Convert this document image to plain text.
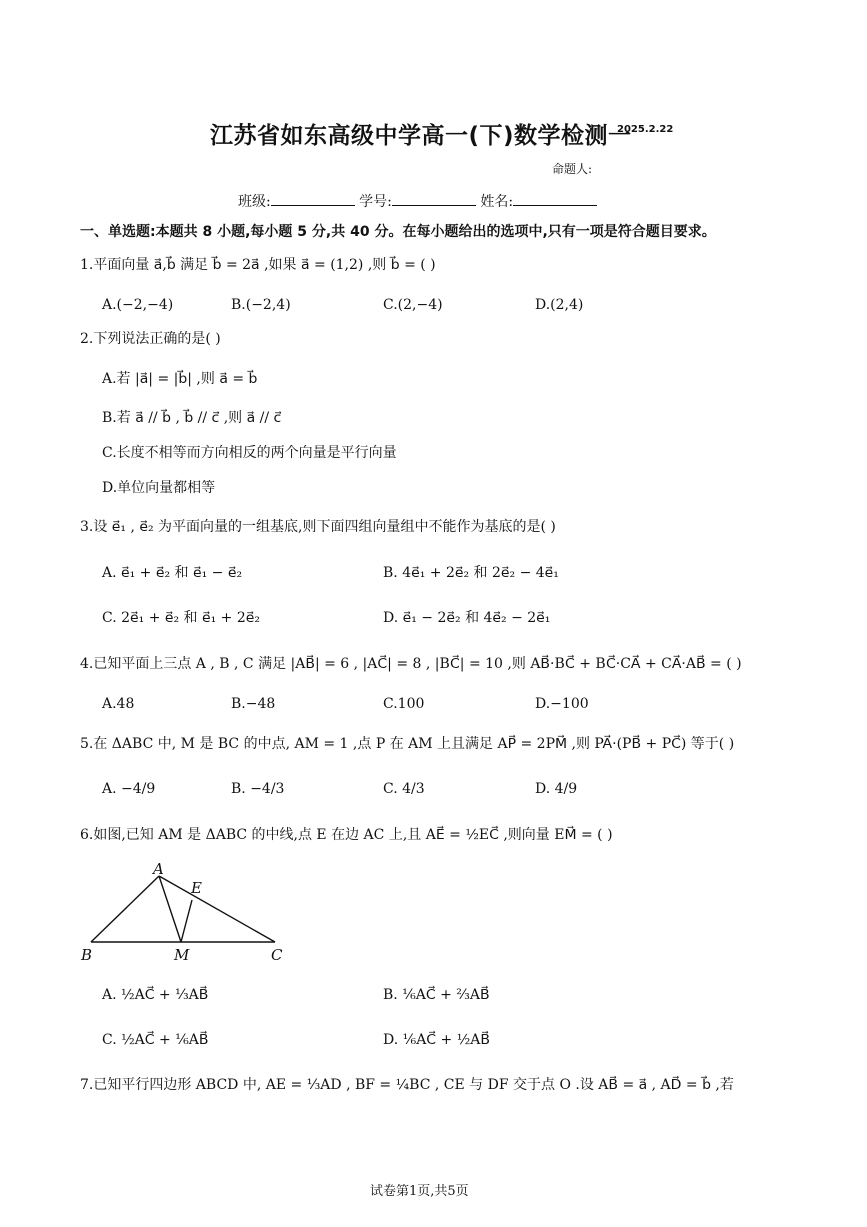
江苏省如东高级中学高一(下)数学检测一
2025.2.22
命题人:
班级:	学号:	姓名:
一、单选题:本题共 8 小题,每小题 5 分,共 40 分。在每小题给出的选项中,只有一项是符合题目要求。
1.平面向量 a⃗,b⃗ 满足 b⃗ = 2a⃗ ,如果 a⃗ = (1,2) ,则 b⃗ = ( )
A.(−2,−4)	B.(−2,4)	C.(2,−4)	D.(2,4)
2.下列说法正确的是( )
A.若 |a⃗| = |b⃗| ,则 a⃗ = b⃗
B.若 a⃗ // b⃗ , b⃗ // c⃗ ,则 a⃗ // c⃗
C.长度不相等而方向相反的两个向量是平行向量
D.单位向量都相等
3.设 e⃗₁ , e⃗₂ 为平面向量的一组基底,则下面四组向量组中不能作为基底的是( )
A. e⃗₁ + e⃗₂ 和 e⃗₁ − e⃗₂	B. 4e⃗₁ + 2e⃗₂ 和 2e⃗₂ − 4e⃗₁
C. 2e⃗₁ + e⃗₂ 和 e⃗₁ + 2e⃗₂	D. e⃗₁ − 2e⃗₂ 和 4e⃗₂ − 2e⃗₁
4.已知平面上三点 A , B , C 满足 |AB⃗| = 6 , |AC⃗| = 8 , |BC⃗| = 10 ,则 AB⃗·BC⃗ + BC⃗·CA⃗ + CA⃗·AB⃗ = ( )
A.48	B.−48	C.100	D.−100
5.在 ΔABC 中, M 是 BC 的中点, AM = 1 ,点 P 在 AM 上且满足 AP⃗ = 2PM⃗ ,则 PA⃗·(PB⃗ + PC⃗) 等于( )
A. −4/9	B. −4/3	C. 4/3	D. 4/9
6.如图,已知 AM 是 ΔABC 的中线,点 E 在边 AC 上,且 AE⃗ = ½EC⃗ ,则向量 EM⃗ = ( )
A
E
B	M	C
A. ½AC⃗ + ⅓AB⃗	B. ⅙AC⃗ + ⅔AB⃗
C. ½AC⃗ + ⅙AB⃗	D. ⅙AC⃗ + ½AB⃗
7.已知平行四边形 ABCD 中, AE = ⅓AD , BF = ¼BC , CE 与 DF 交于点 O .设 AB⃗ = a⃗ , AD⃗ = b⃗ ,若
试卷第1页,共5页
